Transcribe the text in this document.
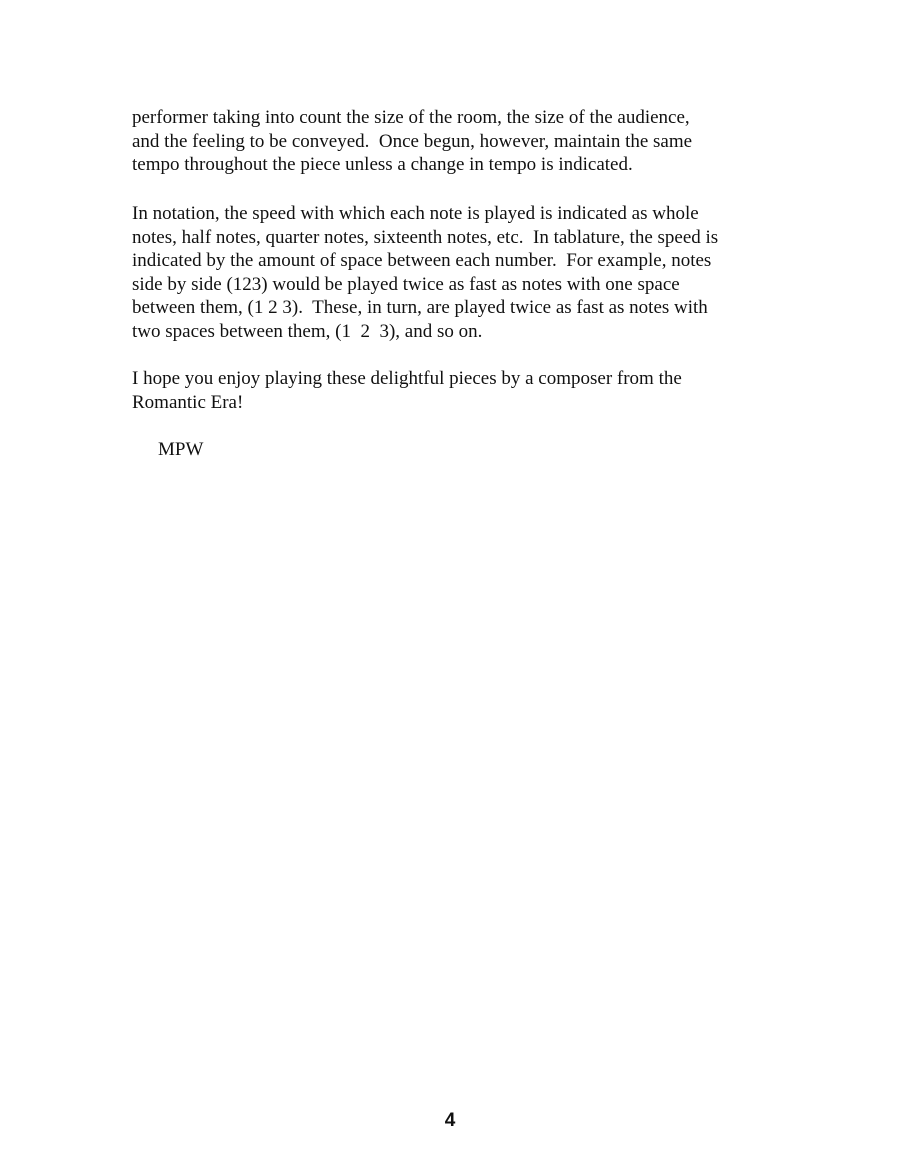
performer taking into count the size of the room, the size of the audience,
and the feeling to be conveyed.  Once begun, however, maintain the same
tempo throughout the piece unless a change in tempo is indicated.
In notation, the speed with which each note is played is indicated as whole
notes, half notes, quarter notes, sixteenth notes, etc.  In tablature, the speed is
indicated by the amount of space between each number.  For example, notes
side by side (123) would be played twice as fast as notes with one space
between them, (1 2 3).  These, in turn, are played twice as fast as notes with
two spaces between them, (1  2  3), and so on.
I hope you enjoy playing these delightful pieces by a composer from the
Romantic Era!
MPW
4
